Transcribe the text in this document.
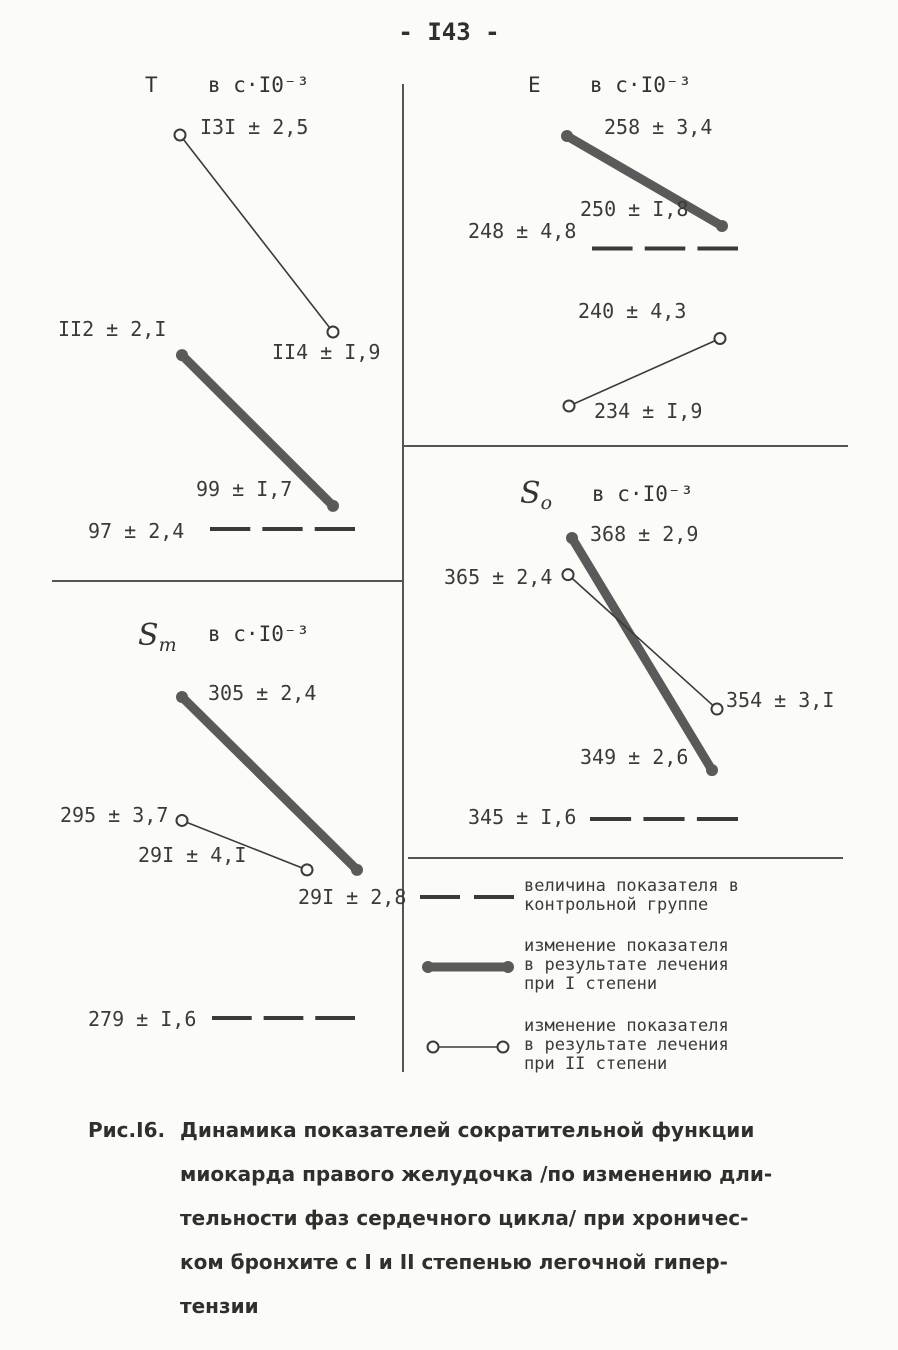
- I43 -
T в с·I0⁻³	E в с·I0⁻³
$S_m$ в с·I0⁻³
$S_o$ в с·I0⁻³
I3I ± 2,5
II4 ± I,9
II2 ± 2,I
99 ± I,7
97 ± 2,4
258 ± 3,4
250 ± I,8
248 ± 4,8
240 ± 4,3
234 ± I,9
305 ± 2,4
295 ± 3,7
29I ± 4,I
29I ± 2,8
279 ± I,6
368 ± 2,9
365 ± 2,4
354 ± 3,I
349 ± 2,6
345 ± I,6
величина показателя в
контрольной группе
изменение показателя
в результате лечения
при I степени
изменение показателя
в результате лечения
при II степени
Рис.I6. Динамика показателей сократительной функции
миокарда правого желудочка /по изменению дли-
тельности фаз сердечного цикла/ при хроничес-
ком бронхите с I и II степенью легочной гипер-
тензии
